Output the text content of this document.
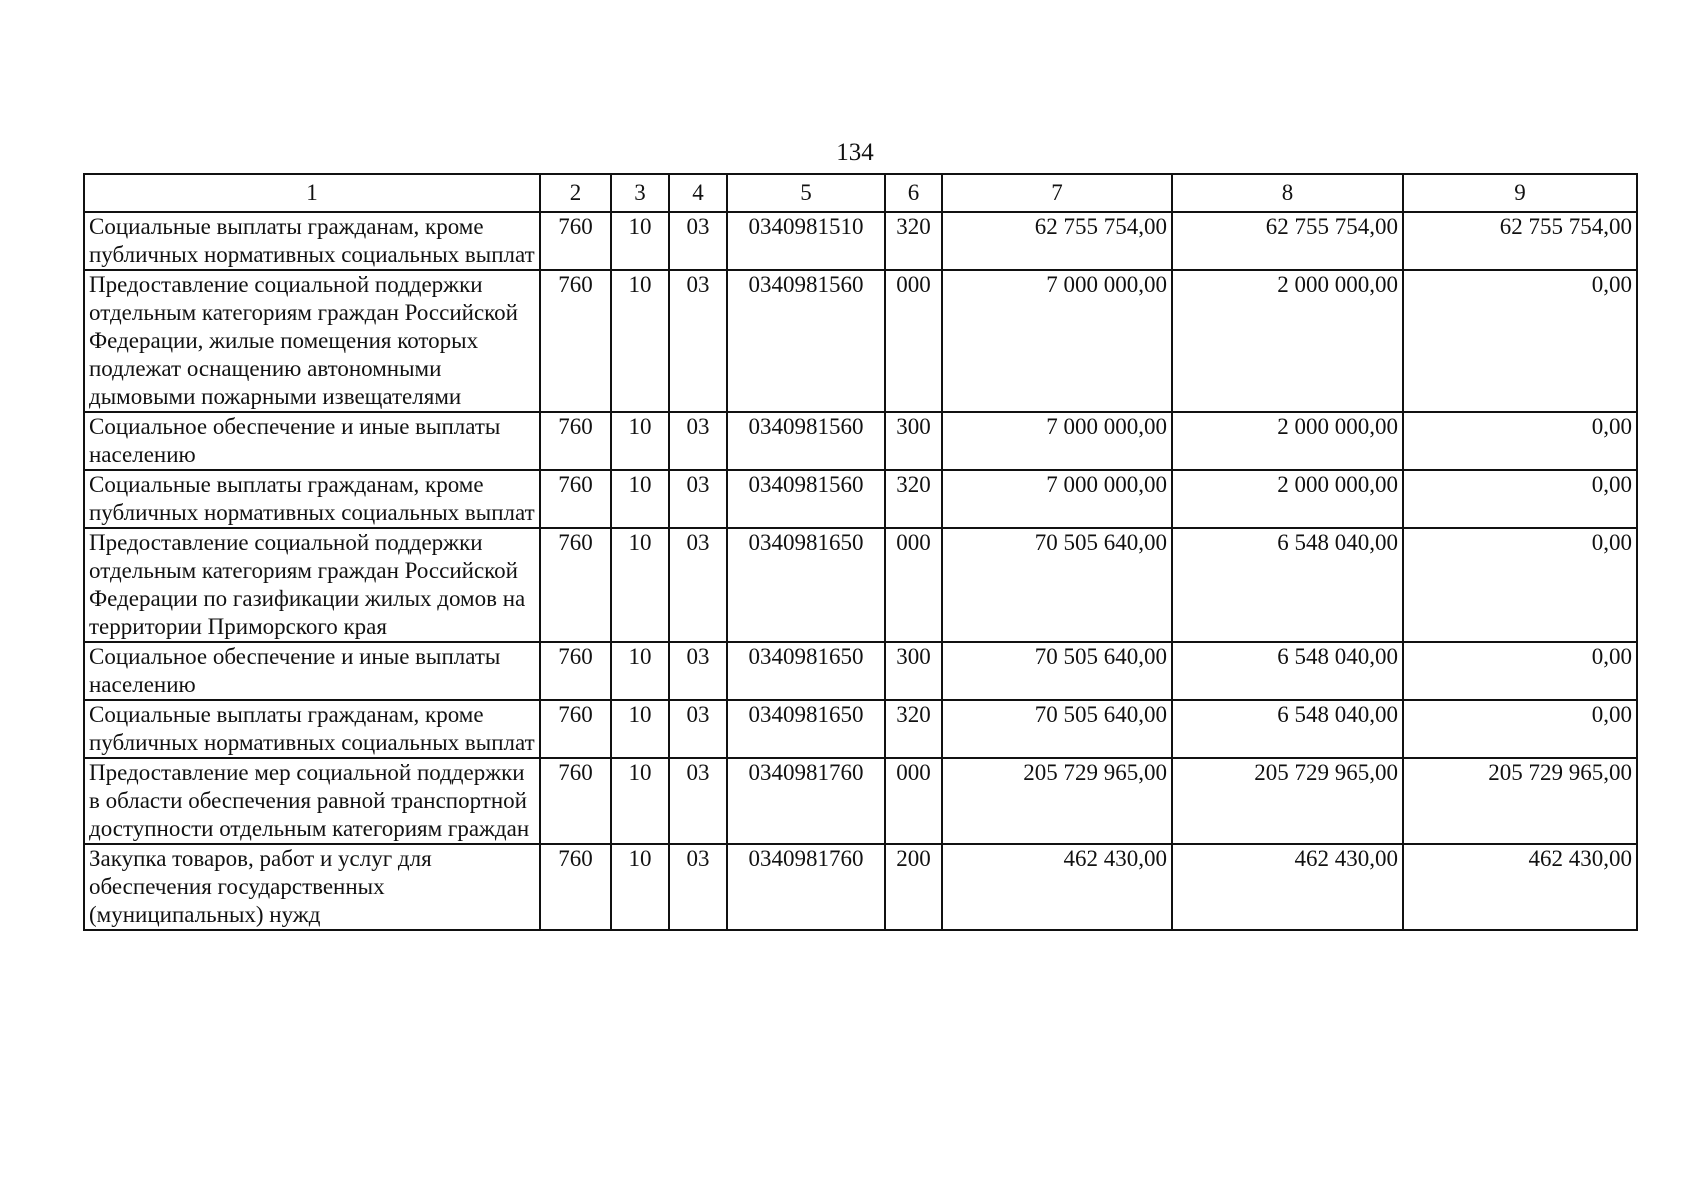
134
1	2	3	4	5	6	7	8	9
Социальные выплаты гражданам, кроме публичных нормативных социальных выплат	760	10	03	0340981510	320	62 755 754,00	62 755 754,00	62 755 754,00
Предоставление социальной поддержки отдельным категориям граждан Российской Федерации, жилые помещения которых подлежат оснащению автономными дымовыми пожарными извещателями	760	10	03	0340981560	000	7 000 000,00	2 000 000,00	0,00
Социальное обеспечение и иные выплаты населению	760	10	03	0340981560	300	7 000 000,00	2 000 000,00	0,00
Социальные выплаты гражданам, кроме публичных нормативных социальных выплат	760	10	03	0340981560	320	7 000 000,00	2 000 000,00	0,00
Предоставление социальной поддержки отдельным категориям граждан Российской Федерации по газификации жилых домов на территории Приморского края	760	10	03	0340981650	000	70 505 640,00	6 548 040,00	0,00
Социальное обеспечение и иные выплаты населению	760	10	03	0340981650	300	70 505 640,00	6 548 040,00	0,00
Социальные выплаты гражданам, кроме публичных нормативных социальных выплат	760	10	03	0340981650	320	70 505 640,00	6 548 040,00	0,00
Предоставление мер социальной поддержки в области обеспечения равной транспортной доступности отдельным категориям граждан	760	10	03	0340981760	000	205 729 965,00	205 729 965,00	205 729 965,00
Закупка товаров, работ и услуг для обеспечения государственных (муниципальных) нужд	760	10	03	0340981760	200	462 430,00	462 430,00	462 430,00
